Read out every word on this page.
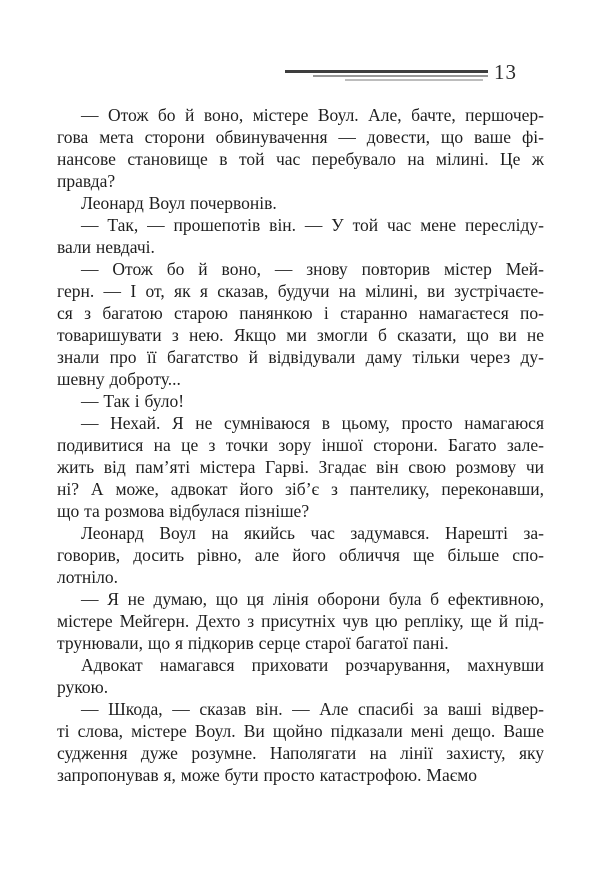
13
— Отож бо й воно, містере Воул. Але, бачте, першочер-
гова мета сторони обвинувачення — довести, що ваше фі-
нансове становище в той час перебувало на мілині. Це ж
правда?
Леонард Воул почервонів.
— Так, — прошепотів він. — У той час мене пересліду-
вали невдачі.
— Отож бо й воно, — знову повторив містер Мей-
герн. — І от, як я сказав, будучи на мілині, ви зустрічаєте-
ся з багатою старою панянкою і старанно намагаєтеся по-
товаришувати з нею. Якщо ми змогли б сказати, що ви не
знали про її багатство й відвідували даму тільки через ду-
шевну доброту...
— Так і було!
— Нехай. Я не сумніваюся в цьому, просто намагаюся
подивитися на це з точки зору іншої сторони. Багато зале-
жить від пам’яті містера Гарві. Згадає він свою розмову чи
ні? А може, адвокат його зіб’є з пантелику, переконавши,
що та розмова відбулася пізніше?
Леонард Воул на якийсь час задумався. Нарешті за-
говорив, досить рівно, але його обличчя ще більше спо-
лотніло.
— Я не думаю, що ця лінія оборони була б ефективною,
містере Мейгерн. Дехто з присутніх чув цю репліку, ще й під-
трунювали, що я підкорив серце старої багатої пані.
Адвокат намагався приховати розчарування, махнувши
рукою.
— Шкода, — сказав він. — Але спасибі за ваші відвер-
ті слова, містере Воул. Ви щойно підказали мені дещо. Ваше
судження дуже розумне. Наполягати на лінії захисту, яку
запропонував я, може бути просто катастрофою. Маємо
